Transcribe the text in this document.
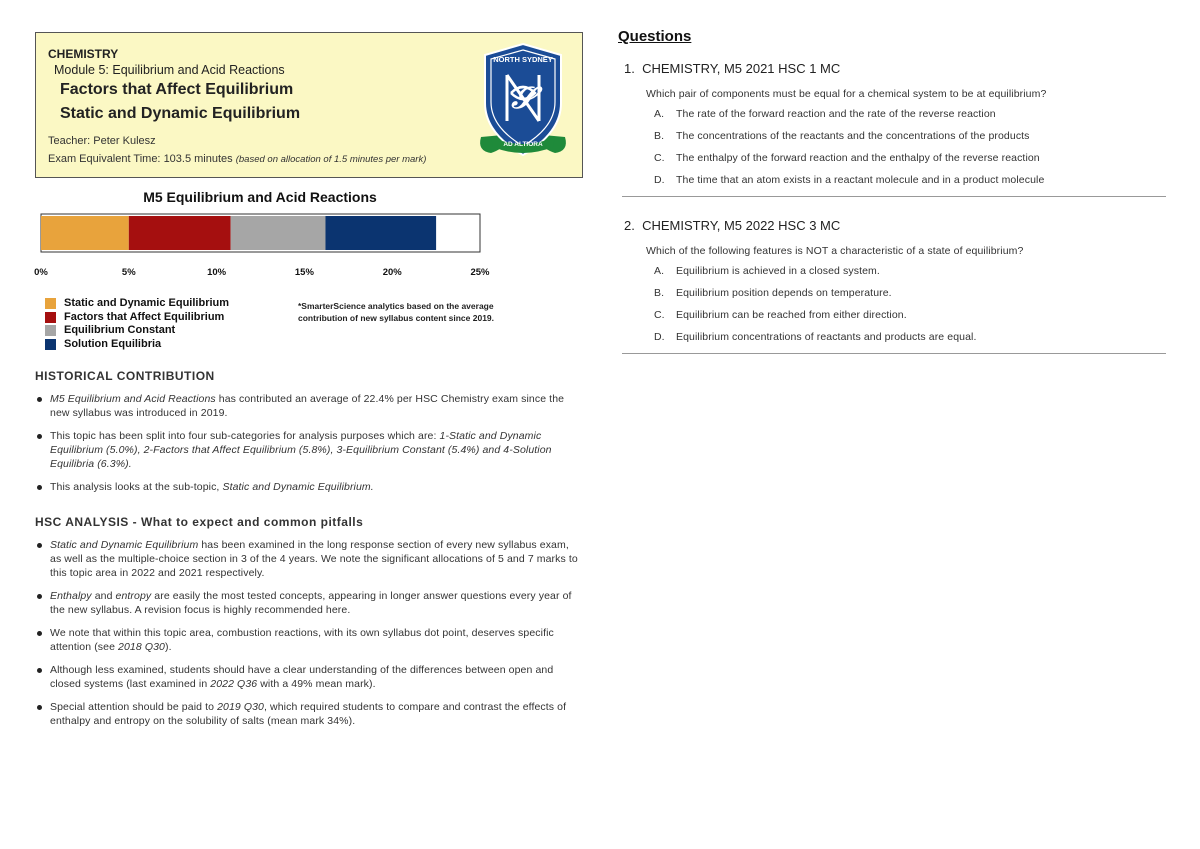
CHEMISTRY
Module 5: Equilibrium and Acid Reactions
Factors that Affect Equilibrium
Static and Dynamic Equilibrium
Teacher: Peter Kulesz
Exam Equivalent Time: 103.5 minutes (based on allocation of 1.5 minutes per mark)
NORTH SYDNEY
𝒮
AD ALTIORA
M5 Equilibrium and Acid Reactions
0%	5%	10%	15%	20%	25%
Static and Dynamic Equilibrium
Factors that Affect Equilibrium
Equilibrium Constant
Solution Equilibria
*SmarterScience analytics based on the average contribution of new syllabus content since 2019.
HISTORICAL CONTRIBUTION
M5 Equilibrium and Acid Reactions has contributed an average of 22.4% per HSC Chemistry exam since the new syllabus was introduced in 2019.
This topic has been split into four sub-categories for analysis purposes which are: 1-Static and Dynamic Equilibrium (5.0%), 2-Factors that Affect Equilibrium (5.8%), 3-Equilibrium Constant (5.4%) and 4-Solution Equilibria (6.3%).
This analysis looks at the sub-topic, Static and Dynamic Equilibrium.
HSC ANALYSIS - What to expect and common pitfalls
Static and Dynamic Equilibrium has been examined in the long response section of every new syllabus exam, as well as the multiple-choice section in 3 of the 4 years. We note the significant allocations of 5 and 7 marks to this topic area in 2022 and 2021 respectively.
Enthalpy and entropy are easily the most tested concepts, appearing in longer answer questions every year of the new syllabus. A revision focus is highly recommended here.
We note that within this topic area, combustion reactions, with its own syllabus dot point, deserves specific attention (see 2018 Q30).
Although less examined, students should have a clear understanding of the differences between open and closed systems (last examined in 2022 Q36 with a 49% mean mark).
Special attention should be paid to 2019 Q30, which required students to compare and contrast the effects of enthalpy and entropy on the solubility of salts (mean mark 34%).
Questions
1. CHEMISTRY, M5 2021 HSC 1 MC
Which pair of components must be equal for a chemical system to be at equilibrium?
A. The rate of the forward reaction and the rate of the reverse reaction
B. The concentrations of the reactants and the concentrations of the products
C. The enthalpy of the forward reaction and the enthalpy of the reverse reaction
D. The time that an atom exists in a reactant molecule and in a product molecule
2. CHEMISTRY, M5 2022 HSC 3 MC
Which of the following features is NOT a characteristic of a state of equilibrium?
A. Equilibrium is achieved in a closed system.
B. Equilibrium position depends on temperature.
C. Equilibrium can be reached from either direction.
D. Equilibrium concentrations of reactants and products are equal.
